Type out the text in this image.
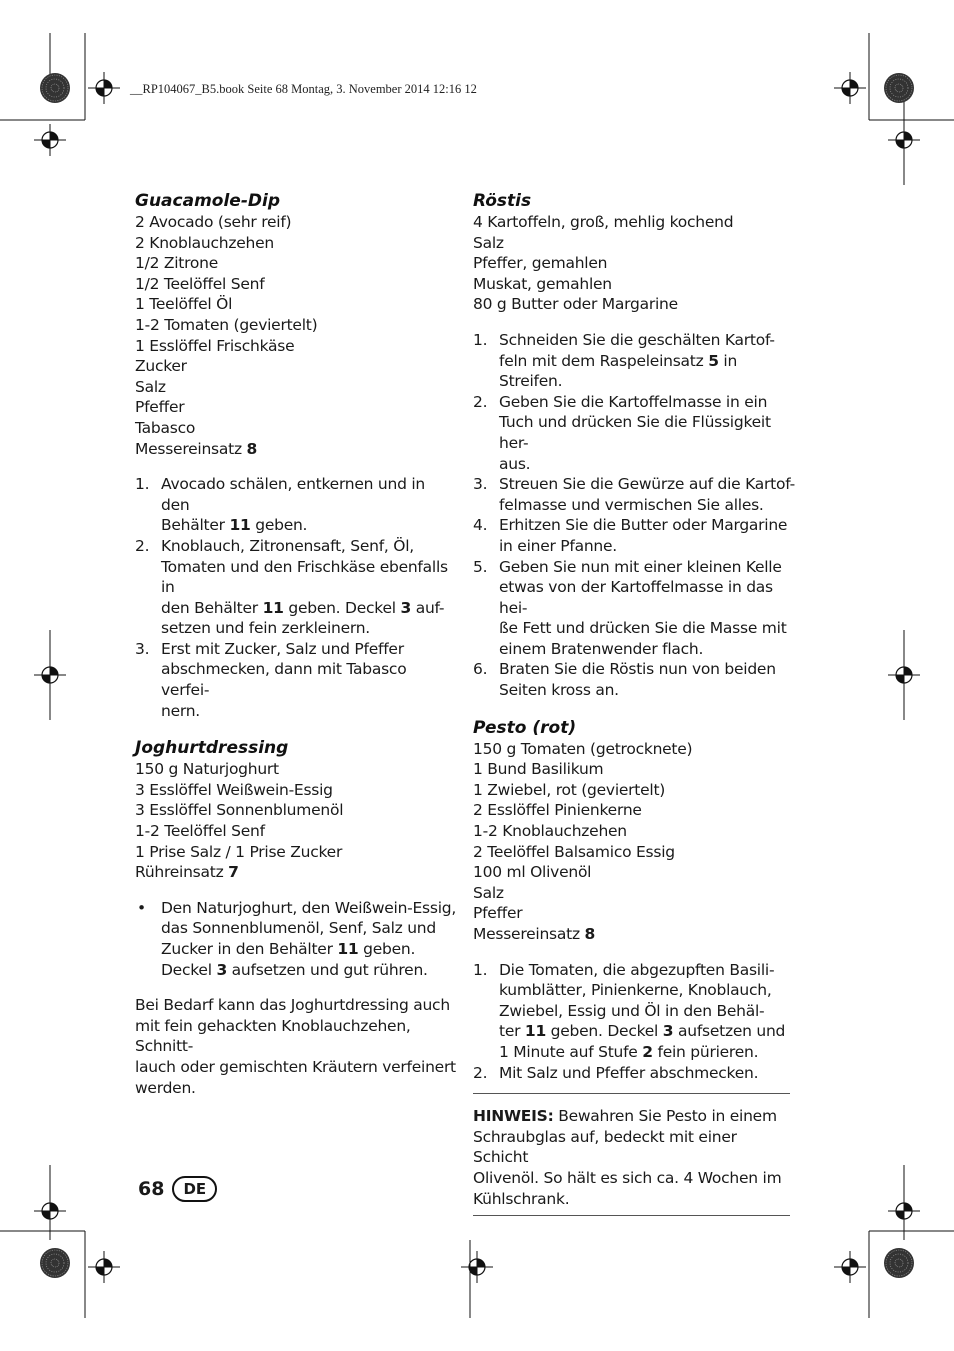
__RP104067_B5.book Seite 68 Montag, 3. November 2014 12:16 12
Guacamole-Dip
2 Avocado (sehr reif)
2 Knoblauchzehen
1/2 Zitrone
1/2 Teelöffel Senf
1 Teelöffel Öl
1-2 Tomaten (geviertelt)
1 Esslöffel Frischkäse
Zucker
Salz
Pfeffer
Tabasco
Messereinsatz 8
1. Avocado schälen, entkernen und in den
Behälter 11 geben.
2. Knoblauch, Zitronensaft, Senf, Öl,
Tomaten und den Frischkäse ebenfalls in
den Behälter 11 geben. Deckel 3 auf-
setzen und fein zerkleinern.
3. Erst mit Zucker, Salz und Pfeffer
abschmecken, dann mit Tabasco verfei-
nern.
Joghurtdressing
150 g Naturjoghurt
3 Esslöffel Weißwein-Essig
3 Esslöffel Sonnenblumenöl
1-2 Teelöffel Senf
1 Prise Salz / 1 Prise Zucker
Rühreinsatz 7
• Den Naturjoghurt, den Weißwein-Essig,
das Sonnenblumenöl, Senf, Salz und
Zucker in den Behälter 11 geben.
Deckel 3 aufsetzen und gut rühren.
Bei Bedarf kann das Joghurtdressing auch
mit fein gehackten Knoblauchzehen, Schnitt-
lauch oder gemischten Kräutern verfeinert
werden.
Röstis
4 Kartoffeln, groß, mehlig kochend
Salz
Pfeffer, gemahlen
Muskat, gemahlen
80 g Butter oder Margarine
1. Schneiden Sie die geschälten Kartof-
feln mit dem Raspeleinsatz 5 in Streifen.
2. Geben Sie die Kartoffelmasse in ein
Tuch und drücken Sie die Flüssigkeit her-
aus.
3. Streuen Sie die Gewürze auf die Kartof-
felmasse und vermischen Sie alles.
4. Erhitzen Sie die Butter oder Margarine
in einer Pfanne.
5. Geben Sie nun mit einer kleinen Kelle
etwas von der Kartoffelmasse in das hei-
ße Fett und drücken Sie die Masse mit
einem Bratenwender flach.
6. Braten Sie die Röstis nun von beiden
Seiten kross an.
Pesto (rot)
150 g Tomaten (getrocknete)
1 Bund Basilikum
1 Zwiebel, rot (geviertelt)
2 Esslöffel Pinienkerne
1-2 Knoblauchzehen
2 Teelöffel Balsamico Essig
100 ml Olivenöl
Salz
Pfeffer
Messereinsatz 8
1. Die Tomaten, die abgezupften Basili-
kumblätter, Pinienkerne, Knoblauch,
Zwiebel, Essig und Öl in den Behäl-
ter 11 geben. Deckel 3 aufsetzen und
1 Minute auf Stufe 2 fein pürieren.
2. Mit Salz und Pfeffer abschmecken.
HINWEIS: Bewahren Sie Pesto in einem
Schraubglas auf, bedeckt mit einer Schicht
Olivenöl. So hält es sich ca. 4 Wochen im
Kühlschrank.
68	DE
